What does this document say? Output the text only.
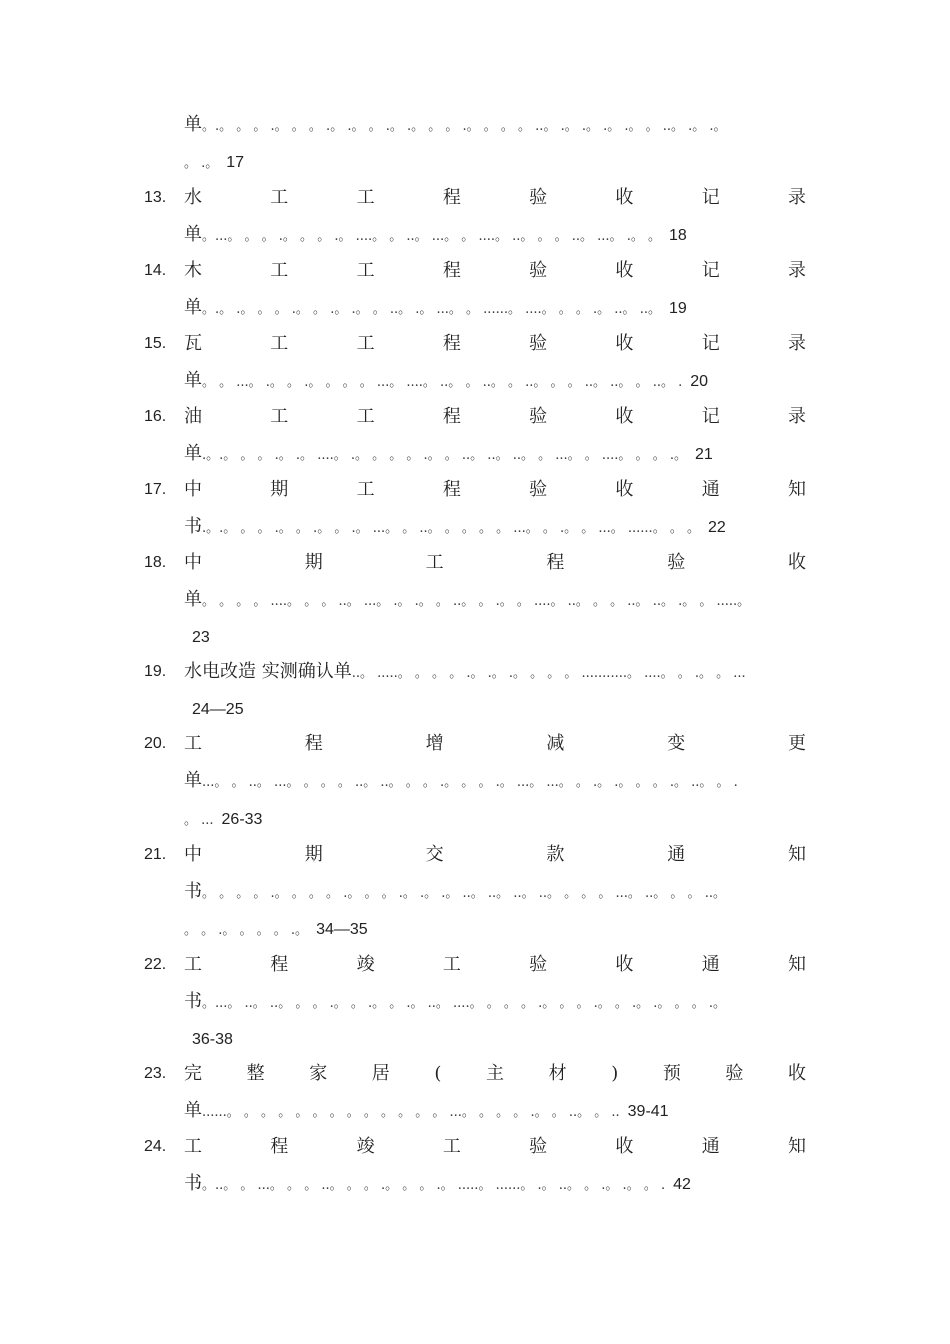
单。.。 。 。 .。 。 。 .。 .。 。 .。 .。 。 。 .。 。 。 。 ..。 .。 .。 .。 .。 。 ..。 .。 .。
。 .。 17
13. 水	工	工	程	验	收	记	录
单。...。 。 。 .。 。 。 .。 ....。 。 ..。 ...。 。 ....。 ..。 。 。 ..。 ...。 .。 。 18
14. 木	工	工	程	验	收	记	录
单。.。 .。 。 。 .。 。 .。 .。 。 ..。 .。 ...。 。 ......。 ....。 。 。 .。 ..。 ..。 19
15. 瓦	工	工	程	验	收	记	录
单。 。 ...。 .。 。 .。 。 。 。 ...。 ....。 ..。 。 ..。 。 ..。 。 。 ..。 ..。 。 ..。 . 20
16. 油	工	工	程	验	收	记	录
单.。.。 。 。 .。 .。 ....。 .。 。 。 。 .。 。 ..。 ..。 ..。 。 ...。 。 ....。 。 。 .。 21
17. 中	期	工	程	验	收	通	知
书.。.。 。 。 .。 。 .。 。 .。 ...。 。 ..。 。 。 。 。 ...。 。 .。 。 ...。 ......。 。 。 22
18. 中	期	工	程	验	收
单。 。 。 。 ....。 。 。 ..。 ...。 .。 .。 。 ..。 。 .。 。 ....。 ..。 。 。 ..。 ..。 .。 。 .....。
23
19. 水电改造 实测确认单..。 .....。 。 。 。 .。 .。 .。 。 。 。 ...........。 ....。 。 .。 。 ...
24—25
20. 工	程	增	减	变	更
单...。 。 ..。 ...。 。 。 。 ..。 ..。 。 。 .。 。 。 .。 ...。 ...。 。 .。 .。 。 。 .。 ..。 。 .
。 ... 26-33
21. 中	期	交	款	通	知
书。 。 。 。 .。 。 。 。 .。 。 。 .。 .。 .。 ..。 ..。 ..。 ..。 。 。 。 ...。 ..。 。 。 ..。
。 。 .。 。 。 。 .。 34—35
22. 工	程	竣	工	验	收	通	知
书。...。 ..。 ..。 。 。 .。 。 .。 。 .。 ..。 ....。 。 。 。 .。 。 。 .。 。 .。 .。 。 。 .。
36-38
23. 完 整 家 居 ( 主 材 ) 预 验 收
单......。 。 。 。 。 。 。 。 。 。 。 。 。 ...。 。 。 。 .。 。 ..。 。 .. 39-41
24. 工	程	竣	工	验	收	通	知
书。..。 。 ...。 。 。 ..。 。 。 .。 。 。 .。 .....。 ......。 .。 ..。 。 .。 .。 。 . 42
